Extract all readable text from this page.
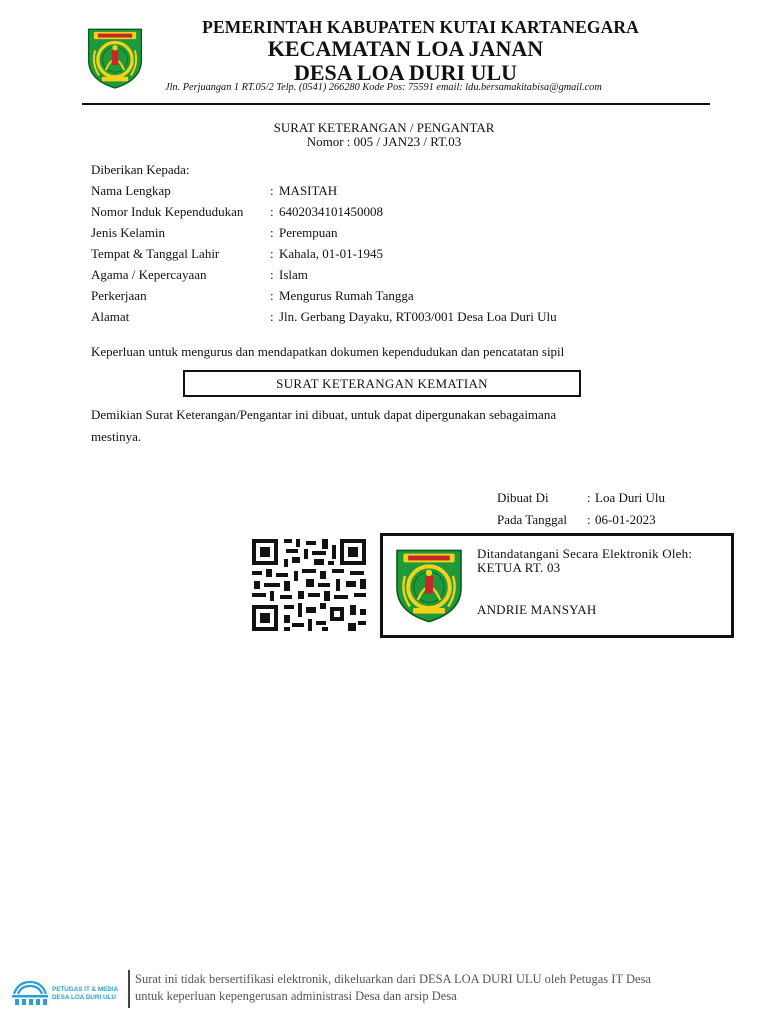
PEMERINTAH KABUPATEN KUTAI KARTANEGARA
KECAMATAN LOA JANAN
DESA LOA DURI ULU
Jln. Perjuangan 1 RT.05/2 Telp. (0541) 266280 Kode Pos: 75591 email: ldu.bersamakitabisa@gmail.com
SURAT KETERANGAN / PENGANTAR
Nomor : 005 / JAN23 / RT.03
Diberikan Kepada:
Nama Lengkap	: MASITAH
Nomor Induk Kependudukan : 6402034101450008
Jenis Kelamin	: Perempuan
Tempat & Tanggal Lahir	: Kahala, 01-01-1945
Agama / Kepercayaan	: Islam
Perkerjaan	: Mengurus Rumah Tangga
Alamat	: Jln. Gerbang Dayaku, RT003/001 Desa Loa Duri Ulu
Keperluan untuk mengurus dan mendapatkan dokumen kependudukan dan pencatatan sipil
SURAT KETERANGAN KEMATIAN
Demikian Surat Keterangan/Pengantar ini dibuat, untuk dapat dipergunakan sebagaimana
mestinya.
Dibuat Di	: Loa Duri Ulu
Pada Tanggal : 06-01-2023
Ditandatangani Secara Elektronik Oleh:
KETUA RT. 03
ANDRIE MANSYAH
PETUGAS IT & MEDIA
DESA LOA DURI ULU
Surat ini tidak bersertifikasi elektronik, dikeluarkan dari DESA LOA DURI ULU oleh Petugas IT Desa
untuk keperluan kepengerusan administrasi Desa dan arsip Desa
